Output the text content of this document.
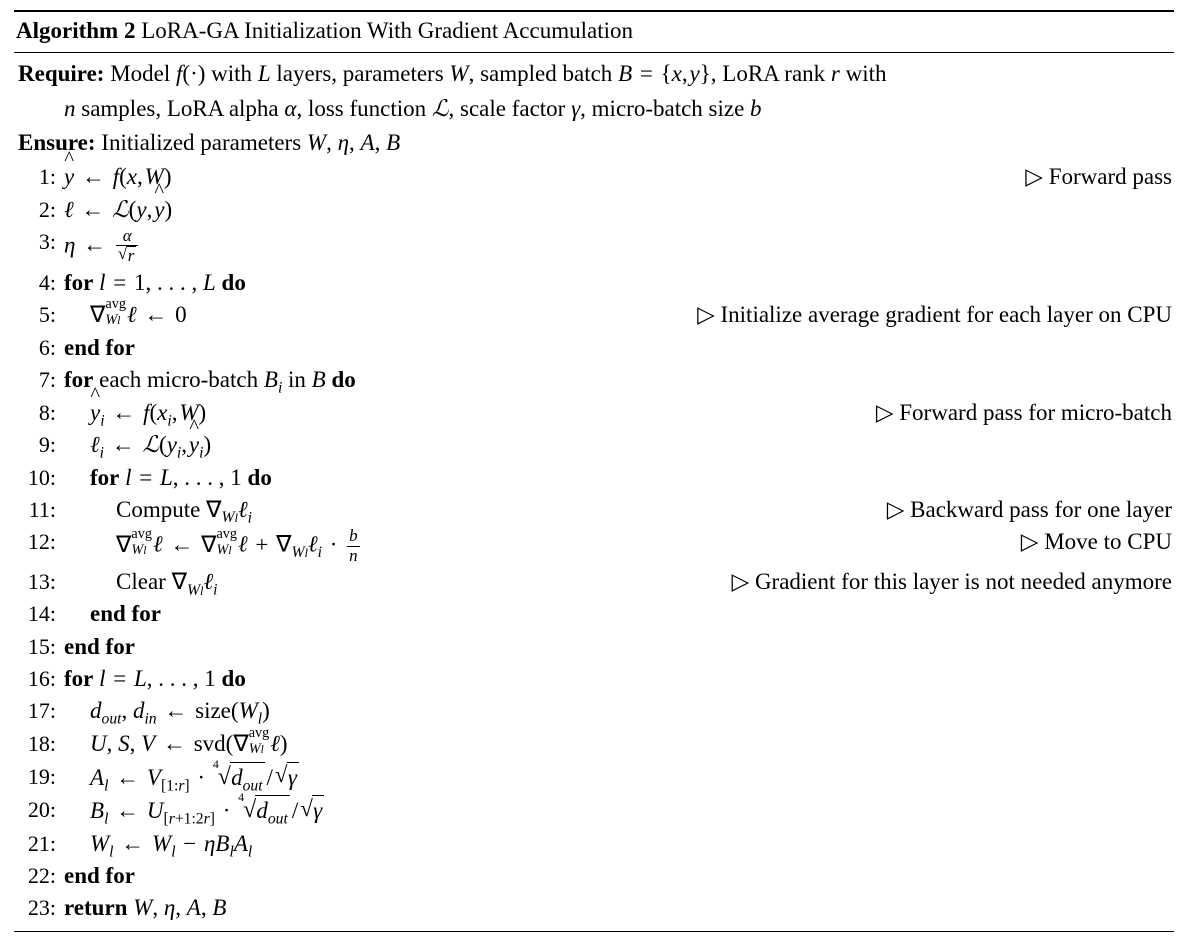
Algorithm 2 LoRA-GA Initialization With Gradient Accumulation
Require: Model f(·) with L layers, parameters W, sampled batch B = {x, y}, LoRA rank r with
n samples, LoRA alpha α, loss function ℒ, scale factor γ, micro-batch size b
Ensure: Initialized parameters W, η, A, B
1: ^ y ← f(x, W)	▷ Forward pass
2: ℓ ← ℒ(y, ^ y)
3: η ← α
√ r
4: for l = 1, . . . , L do
5:	∇ avg
Wl ℓ ← 0	▷ Initialize average gradient for each layer on CPU
6: end for
7: for each micro-batch $B_i$ in B do
8:	^ $y_i$ ← $f(x_i$, W)	▷ Forward pass for micro-batch
9:	ℓ$_i$ ← $ℒ(y_i$, ^ $y_i$)
10:	for l = L, . . . , 1 do
11:	Compute $\nabla_{Wl}\ell_i$	▷ Backward pass for one layer
12:	∇ avg
Wl ℓ ← ∇ avg
Wl ℓ + $\nabla_{Wl}\ell_i \cdot \frac{b}{n}$	▷ Move to CPU
13:	Clear $\nabla_{Wl}\ell_i$	▷ Gradient for this layer is not needed anymore
14:	end for
15: end for
16: for l = L, . . . , 1 do
17:	$d_{out}$, $d_{in}$ ← $size(W_l)$
18:	U, S, V ← svd(∇ avg
Wl ℓ)
19:	$A_l$ ← $V_{[1:r]}$ ·
√ 4
$d_{out}$ / √ γ
20:	$B_l$ ← $U_{[r+1:2r]}$ ·
√ 4
$d_{out}$ / √ γ
21:	$W_l$ ← $W_l - \eta B_lA_l$
22: end for
23: return W, η, A, B
